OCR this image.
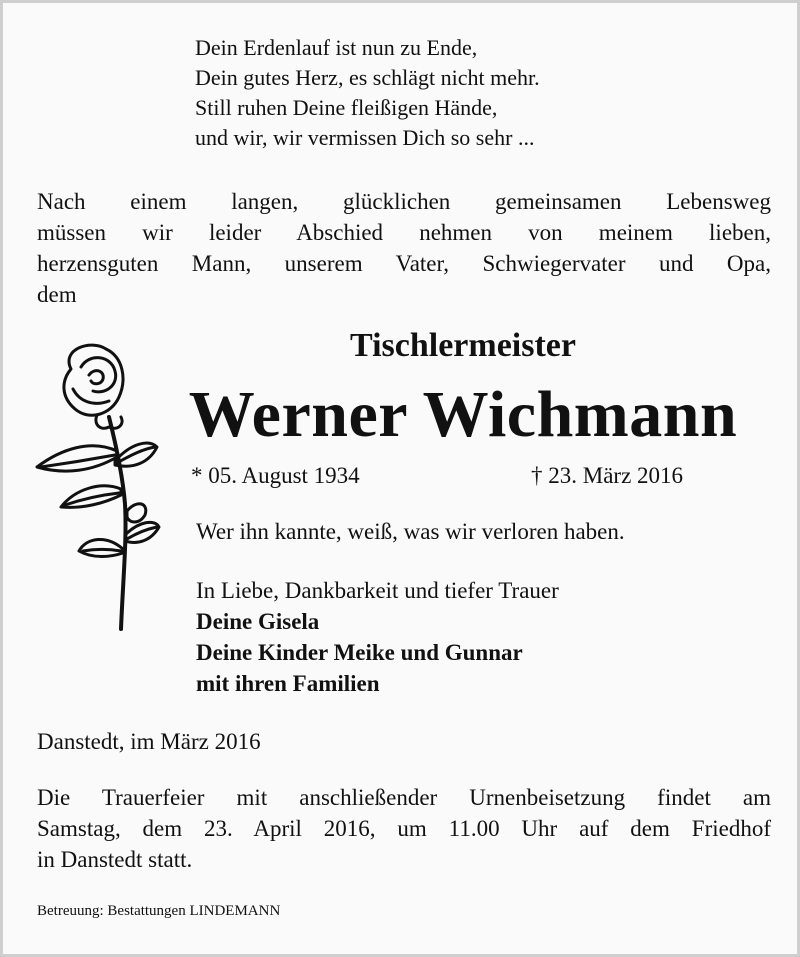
Dein Erdenlauf ist nun zu Ende,
Dein gutes Herz, es schlägt nicht mehr.
Still ruhen Deine fleißigen Hände,
und wir, wir vermissen Dich so sehr ...
Nach einem langen, glücklichen gemeinsamen Lebensweg
müssen wir leider Abschied nehmen von meinem lieben,
herzensguten Mann, unserem Vater, Schwiegervater und Opa,
dem
Tischlermeister
Werner Wichmann
* 05. August 1934	† 23. März 2016
Wer ihn kannte, weiß, was wir verloren haben.
In Liebe, Dankbarkeit und tiefer Trauer
Deine Gisela
Deine Kinder Meike und Gunnar
mit ihren Familien
Danstedt, im März 2016
Die Trauerfeier mit anschließender Urnenbeisetzung findet am
Samstag, dem 23. April 2016, um 11.00 Uhr auf dem Friedhof
in Danstedt statt.
Betreuung: Bestattungen LINDEMANN
